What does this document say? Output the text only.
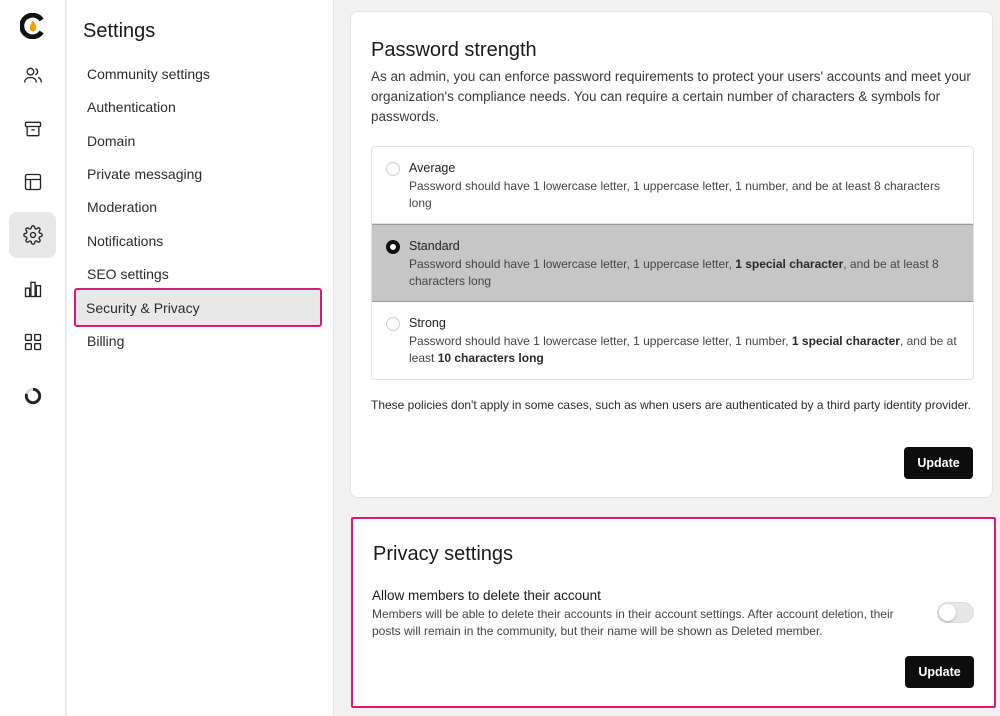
Settings
Community settings
Authentication
Domain
Private messaging
Moderation
Notifications
SEO settings
Security & Privacy
Billing
Password strength
As an admin, you can enforce password requirements to protect your users' accounts and meet your organization's compliance needs. You can require a certain number of characters & symbols for passwords.
Average
Password should have 1 lowercase letter, 1 uppercase letter, 1 number, and be at least 8 characters long
Standard
Password should have 1 lowercase letter, 1 uppercase letter, 1 special character, and be at least 8 characters long
Strong
Password should have 1 lowercase letter, 1 uppercase letter, 1 number, 1 special character, and be at least 10 characters long
These policies don't apply in some cases, such as when users are authenticated by a third party identity provider.
Update
Privacy settings
Allow members to delete their account
Members will be able to delete their accounts in their account settings. After account deletion, their posts will remain in the community, but their name will be shown as Deleted member.
Update
